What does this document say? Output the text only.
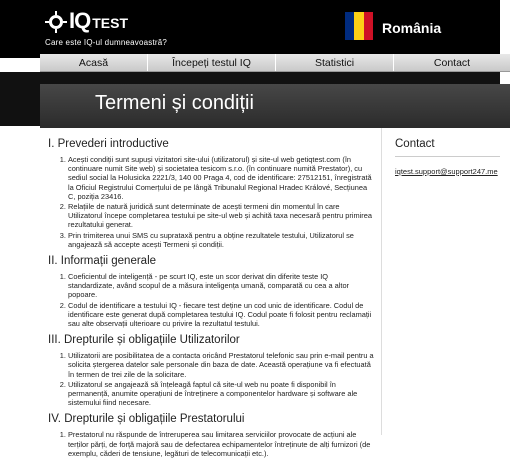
IQ TEST
Care este IQ-ul dumneavoastră?
România
Acasă	Începeți testul IQ	Statistici	Contact
Termeni și condiții
I. Prevederi introductive
1. Acești condiții sunt supuși vizitatori site-ului (utilizatorul) și site-ul web getiqtest.com (în continuare numit Site web) și societatea tesicom s.r.o. (în continuare numită Prestator), cu sediul social la Holusicka 2221/3, 140 00 Praga 4, cod de identificare: 27512151, înregistrată la Oficiul Registrului Comerțului de pe lângă Tribunalul Regional Hradec Králové, Secțiunea C, poziția 23416.
2. Relațiile de natură juridică sunt determinate de acești termeni din momentul în care Utilizatorul începe completarea testului pe site-ul web și achită taxa necesară pentru primirea rezultatului generat.
3. Prin trimiterea unui SMS cu suprataxă pentru a obține rezultatele testului, Utilizatorul se angajează să accepte acești Termeni și condiții.
II. Informații generale
1. Coeficientul de inteligență - pe scurt IQ, este un scor derivat din diferite teste IQ standardizate, având scopul de a măsura inteligența umană, comparată cu cea a altor popoare.
2. Codul de identificare a testului IQ - fiecare test deține un cod unic de identificare. Codul de identificare este generat după completarea testului IQ. Codul poate fi folosit pentru reclamații sau alte observații ulterioare cu privire la rezultatul testului.
III. Drepturile și obligațiile Utilizatorilor
1. Utilizatorii are posibilitatea de a contacta oricând Prestatorul telefonic sau prin e-mail pentru a solicita ștergerea datelor sale personale din baza de date. Această operațiune va fi efectuată în termen de trei zile de la solicitare.
2. Utilizatorul se angajează să înțeleagă faptul că site-ul web nu poate fi disponibil în permanență, anumite operațiuni de întreținere a componentelor hardware și software ale sistemului fiind necesare.
IV. Drepturile și obligațiile Prestatorului
1. Prestatorul nu răspunde de întreruperea sau limitarea serviciilor provocate de acțiuni ale terților părți, de forță majoră sau de defectarea echipamentelor întreținute de alți furnizori (de exemplu, căderi de tensiune, legături de telecomunicații etc.).
Contact
iqtest.support@support247.me
